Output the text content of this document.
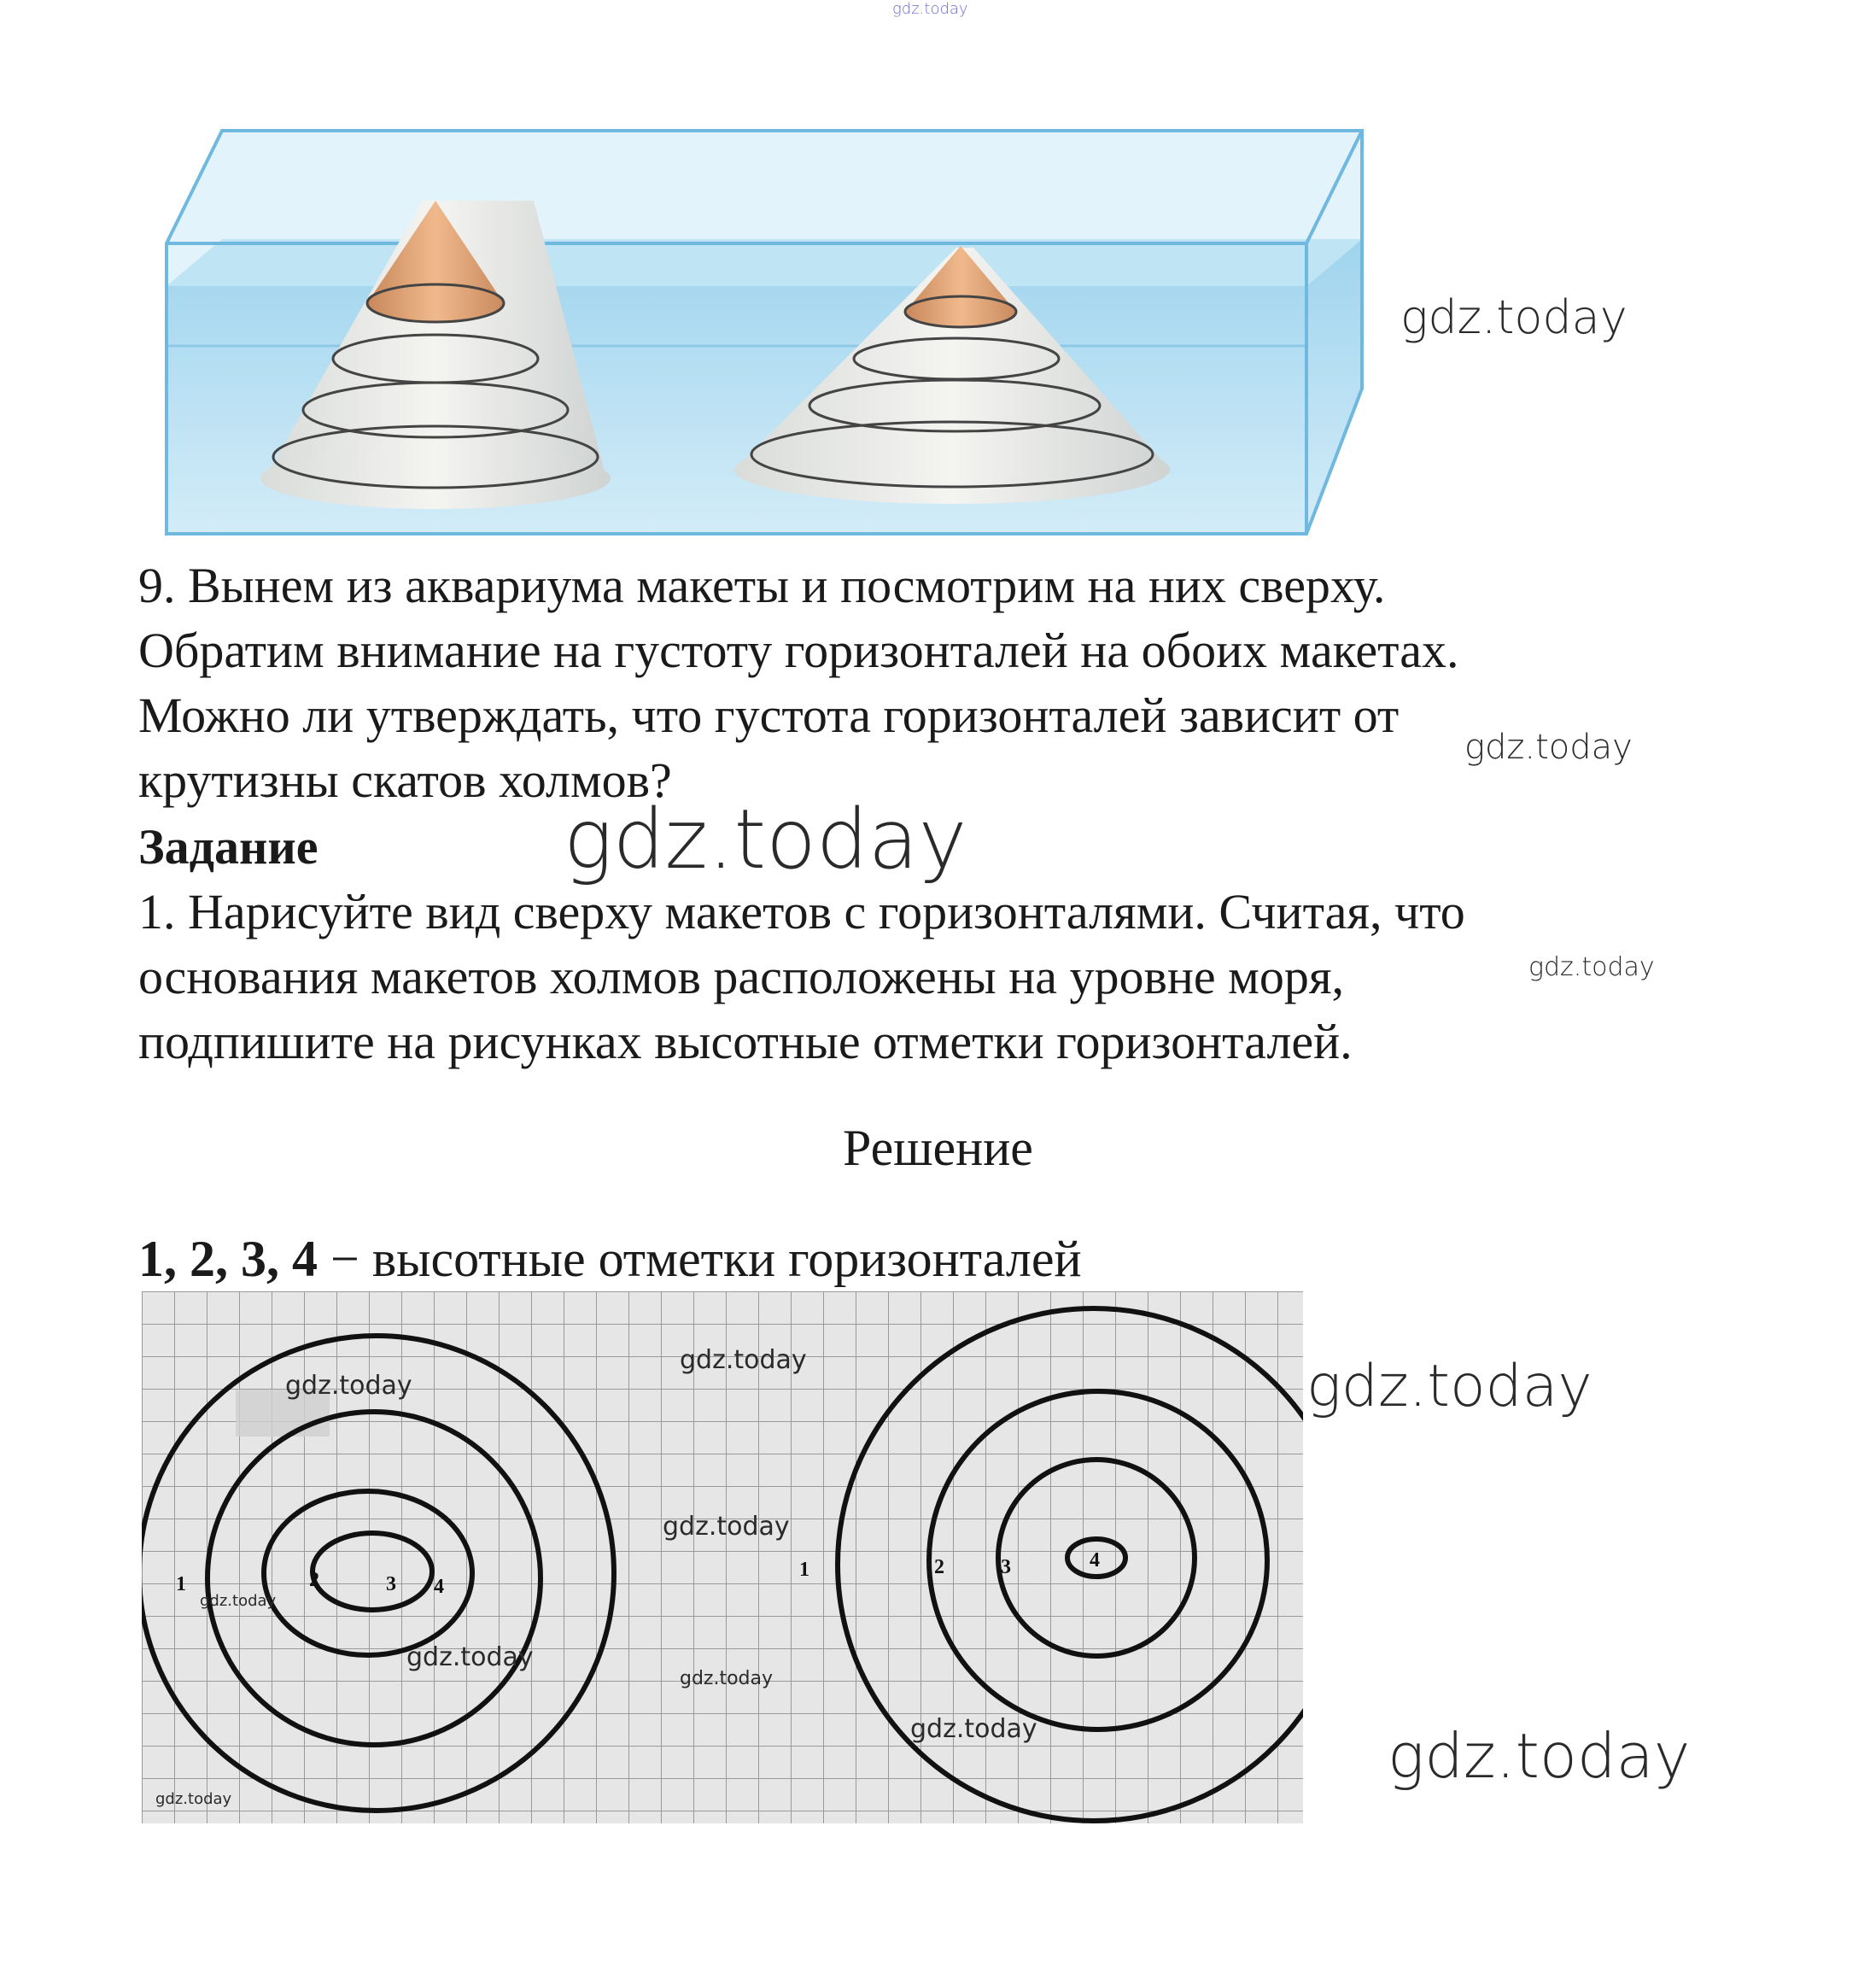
gdz.today
gdz.today
gdz.today
gdz.today
gdz.today
gdz.today
gdz.today
9. Вынем из аквариума макеты и посмотрим на них сверху.
Обратим внимание на густоту горизонталей на обоих макетах.
Можно ли утверждать, что густота горизонталей зависит от
крутизны скатов холмов?
Задание
1. Нарисуйте вид сверху макетов с горизонталями. Считая, что
основания макетов холмов расположены на уровне моря,
подпишите на рисунках высотные отметки горизонталей.
Решение
1, 2, 3, 4 − высотные отметки горизонталей
1	2	3 4
1	2	3	4
gdz.today
gdz.today
gdz.today
gdz.today
gdz.today
gdz.today
gdz.today
gdz.today
